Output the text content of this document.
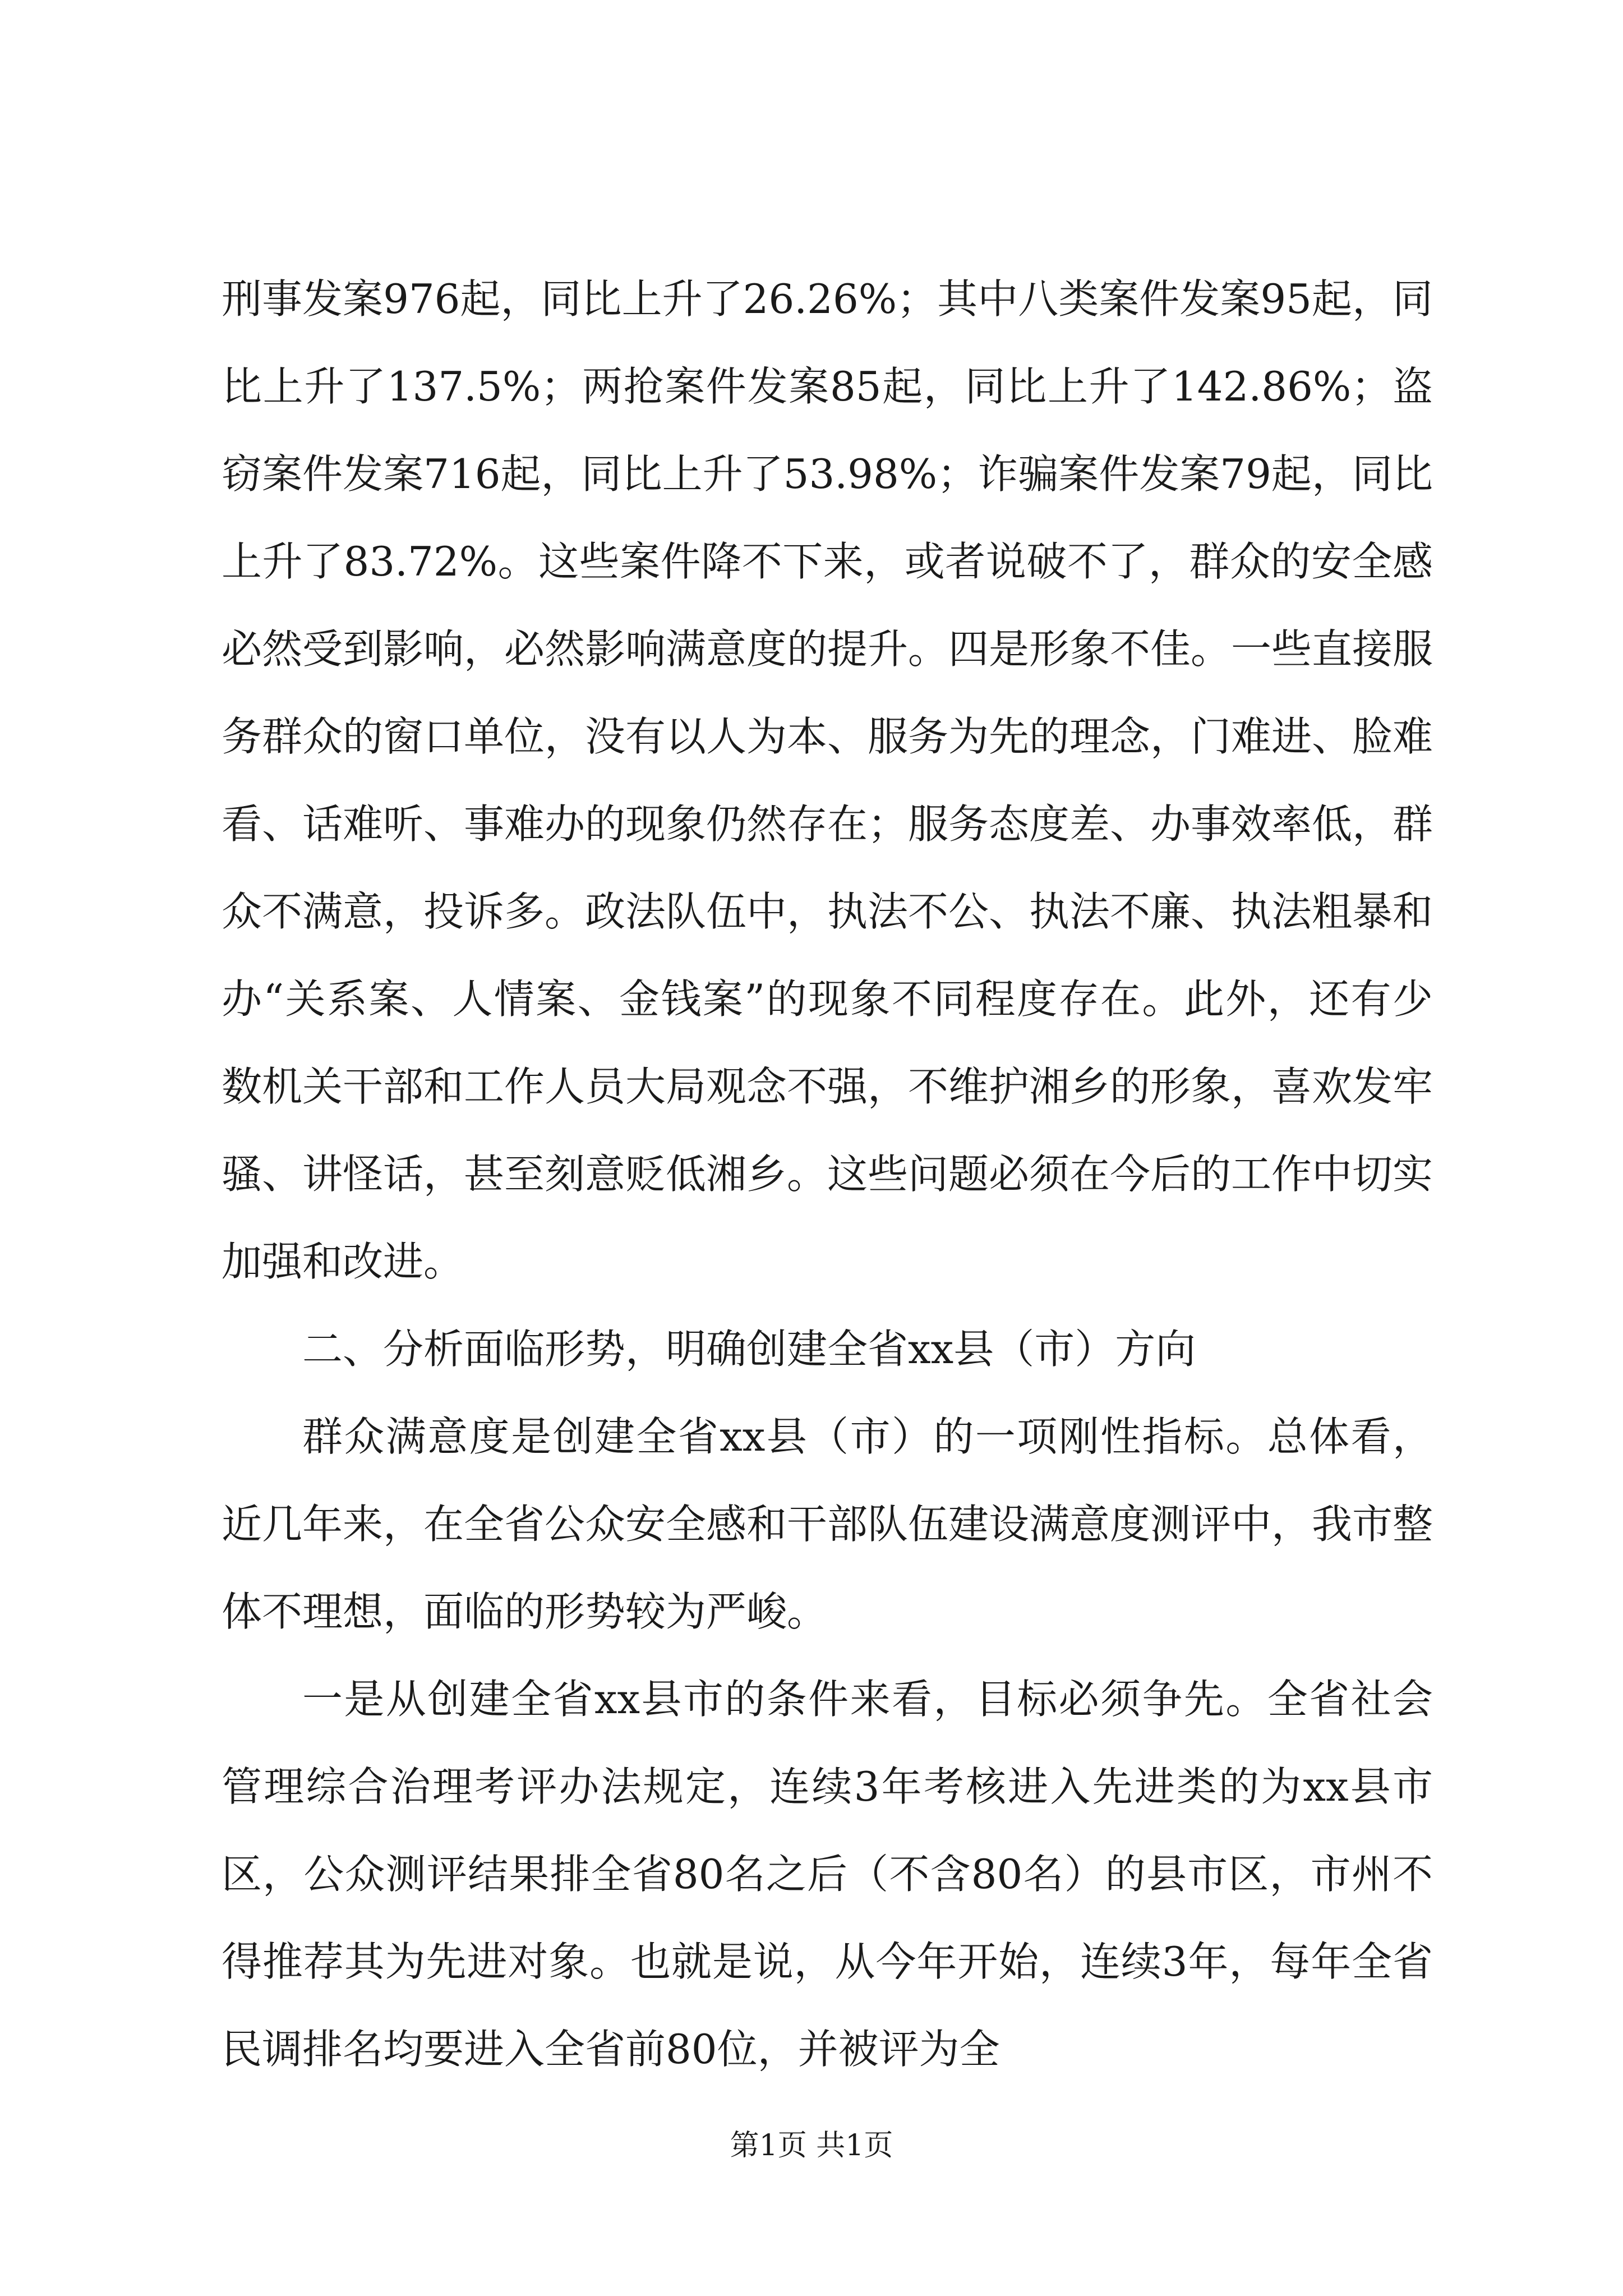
刑事发案976起，同比上升了26.26%；其中八类案件发案95起，同比上升了137.5%；两抢案件发案85起，同比上升了142.86%；盗窃案件发案716起，同比上升了53.98%；诈骗案件发案79起，同比上升了83.72%。这些案件降不下来，或者说破不了，群众的安全感必然受到影响，必然影响满意度的提升。四是形象不佳。一些直接服务群众的窗口单位，没有以人为本、服务为先的理念，门难进、脸难看、话难听、事难办的现象仍然存在；服务态度差、办事效率低，群众不满意，投诉多。政法队伍中，执法不公、执法不廉、执法粗暴和办“关系案、人情案、金钱案”的现象不同程度存在。此外，还有少数机关干部和工作人员大局观念不强，不维护湘乡的形象，喜欢发牢骚、讲怪话，甚至刻意贬低湘乡。这些问题必须在今后的工作中切实加强和改进。

二、分析面临形势，明确创建全省xx县（市）方向

群众满意度是创建全省xx县（市）的一项刚性指标。总体看，近几年来，在全省公众安全感和干部队伍建设满意度测评中，我市整体不理想，面临的形势较为严峻。

一是从创建全省xx县市的条件来看，目标必须争先。全省社会管理综合治理考评办法规定，连续3年考核进入先进类的为xx县市区，公众测评结果排全省80名之后（不含80名）的县市区，市州不得推荐其为先进对象。也就是说，从今年开始，连续3年，每年全省民调排名均要进入全省前80位，并被评为全

第1页 共1页
